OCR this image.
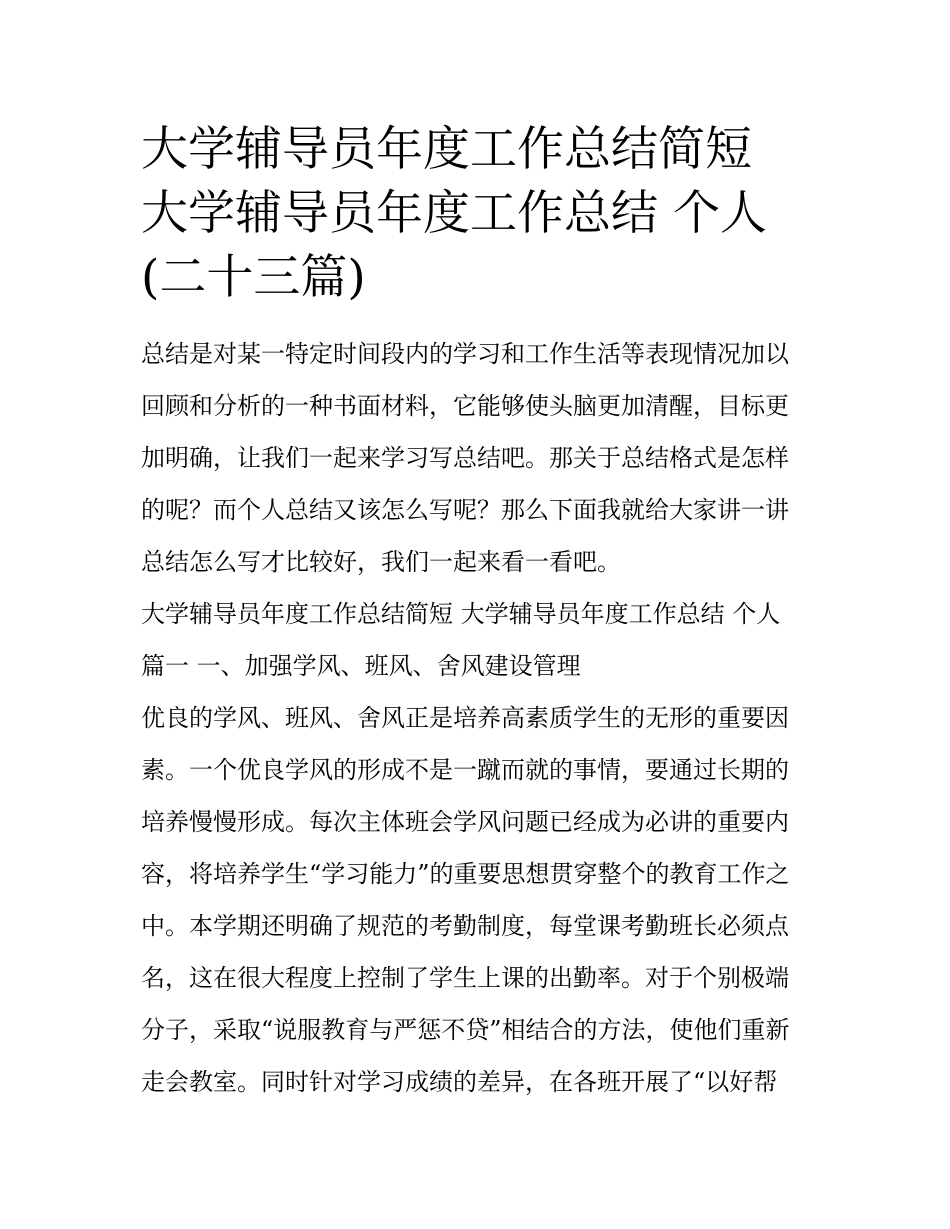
大学辅导员年度工作总结简短
大学辅导员年度工作总结 个人
(二十三篇)

总结是对某一特定时间段内的学习和工作生活等表现情况加以
回顾和分析的一种书面材料，它能够使头脑更加清醒，目标更
加明确，让我们一起来学习写总结吧。那关于总结格式是怎样
的呢？而个人总结又该怎么写呢？那么下面我就给大家讲一讲
总结怎么写才比较好，我们一起来看一看吧。

大学辅导员年度工作总结简短 大学辅导员年度工作总结 个人
篇一 一、加强学风、班风、舍风建设管理

优良的学风、班风、舍风正是培养高素质学生的无形的重要因
素。一个优良学风的形成不是一蹴而就的事情，要通过长期的
培养慢慢形成。每次主体班会学风问题已经成为必讲的重要内
容，将培养学生“学习能力”的重要思想贯穿整个的教育工作之
中。本学期还明确了规范的考勤制度，每堂课考勤班长必须点
名，这在很大程度上控制了学生上课的出勤率。对于个别极端
分子，采取“说服教育与严惩不贷”相结合的方法，使他们重新
走会教室。同时针对学习成绩的差异，在各班开展了“以好帮
